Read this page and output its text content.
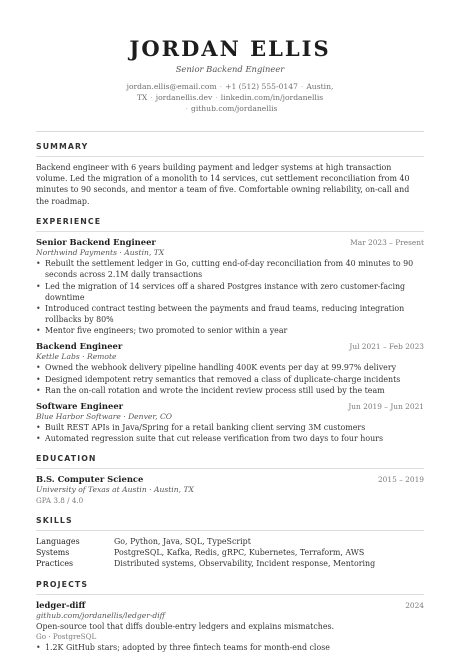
JORDAN ELLIS
Senior Backend Engineer
jordan.ellis@email.com · +1 (512) 555-0147 · Austin, TX · jordanellis.dev · linkedin.com/in/jordanellis
· github.com/jordanellis
SUMMARY

Backend engineer with 6 years building payment and ledger systems at high transaction volume. Led the migration of a monolith to 14 services, cut settlement reconciliation from 40 minutes to 90 seconds, and mentor a team of five. Comfortable owning reliability, on-call and the roadmap.

EXPERIENCE
Senior Backend Engineer	Mar 2023 – Present
Northwind Payments · Austin, TX
• Rebuilt the settlement ledger in Go, cutting end-of-day reconciliation from 40 minutes to 90 seconds across 2.1M daily transactions
• Led the migration of 14 services off a shared Postgres instance with zero customer-facing downtime
• Introduced contract testing between the payments and fraud teams, reducing integration rollbacks by 80%
• Mentor five engineers; two promoted to senior within a year
Backend Engineer	Jul 2021 – Feb 2023
Kettle Labs · Remote
• Owned the webhook delivery pipeline handling 400K events per day at 99.97% delivery
• Designed idempotent retry semantics that removed a class of duplicate-charge incidents
• Ran the on-call rotation and wrote the incident review process still used by the team
Software Engineer	Jun 2019 – Jun 2021
Blue Harbor Software · Denver, CO
• Built REST APIs in Java/Spring for a retail banking client serving 3M customers
• Automated regression suite that cut release verification from two days to four hours
EDUCATION
B.S. Computer Science	2015 – 2019
University of Texas at Austin · Austin, TX
GPA 3.8 / 4.0
SKILLS
Languages	Go, Python, Java, SQL, TypeScript
Systems	PostgreSQL, Kafka, Redis, gRPC, Kubernetes, Terraform, AWS
Practices	Distributed systems, Observability, Incident response, Mentoring
PROJECTS
ledger-diff	2024
github.com/jordanellis/ledger-diff
Open-source tool that diffs double-entry ledgers and explains mismatches.
Go · PostgreSQL
• 1.2K GitHub stars; adopted by three fintech teams for month-end close
